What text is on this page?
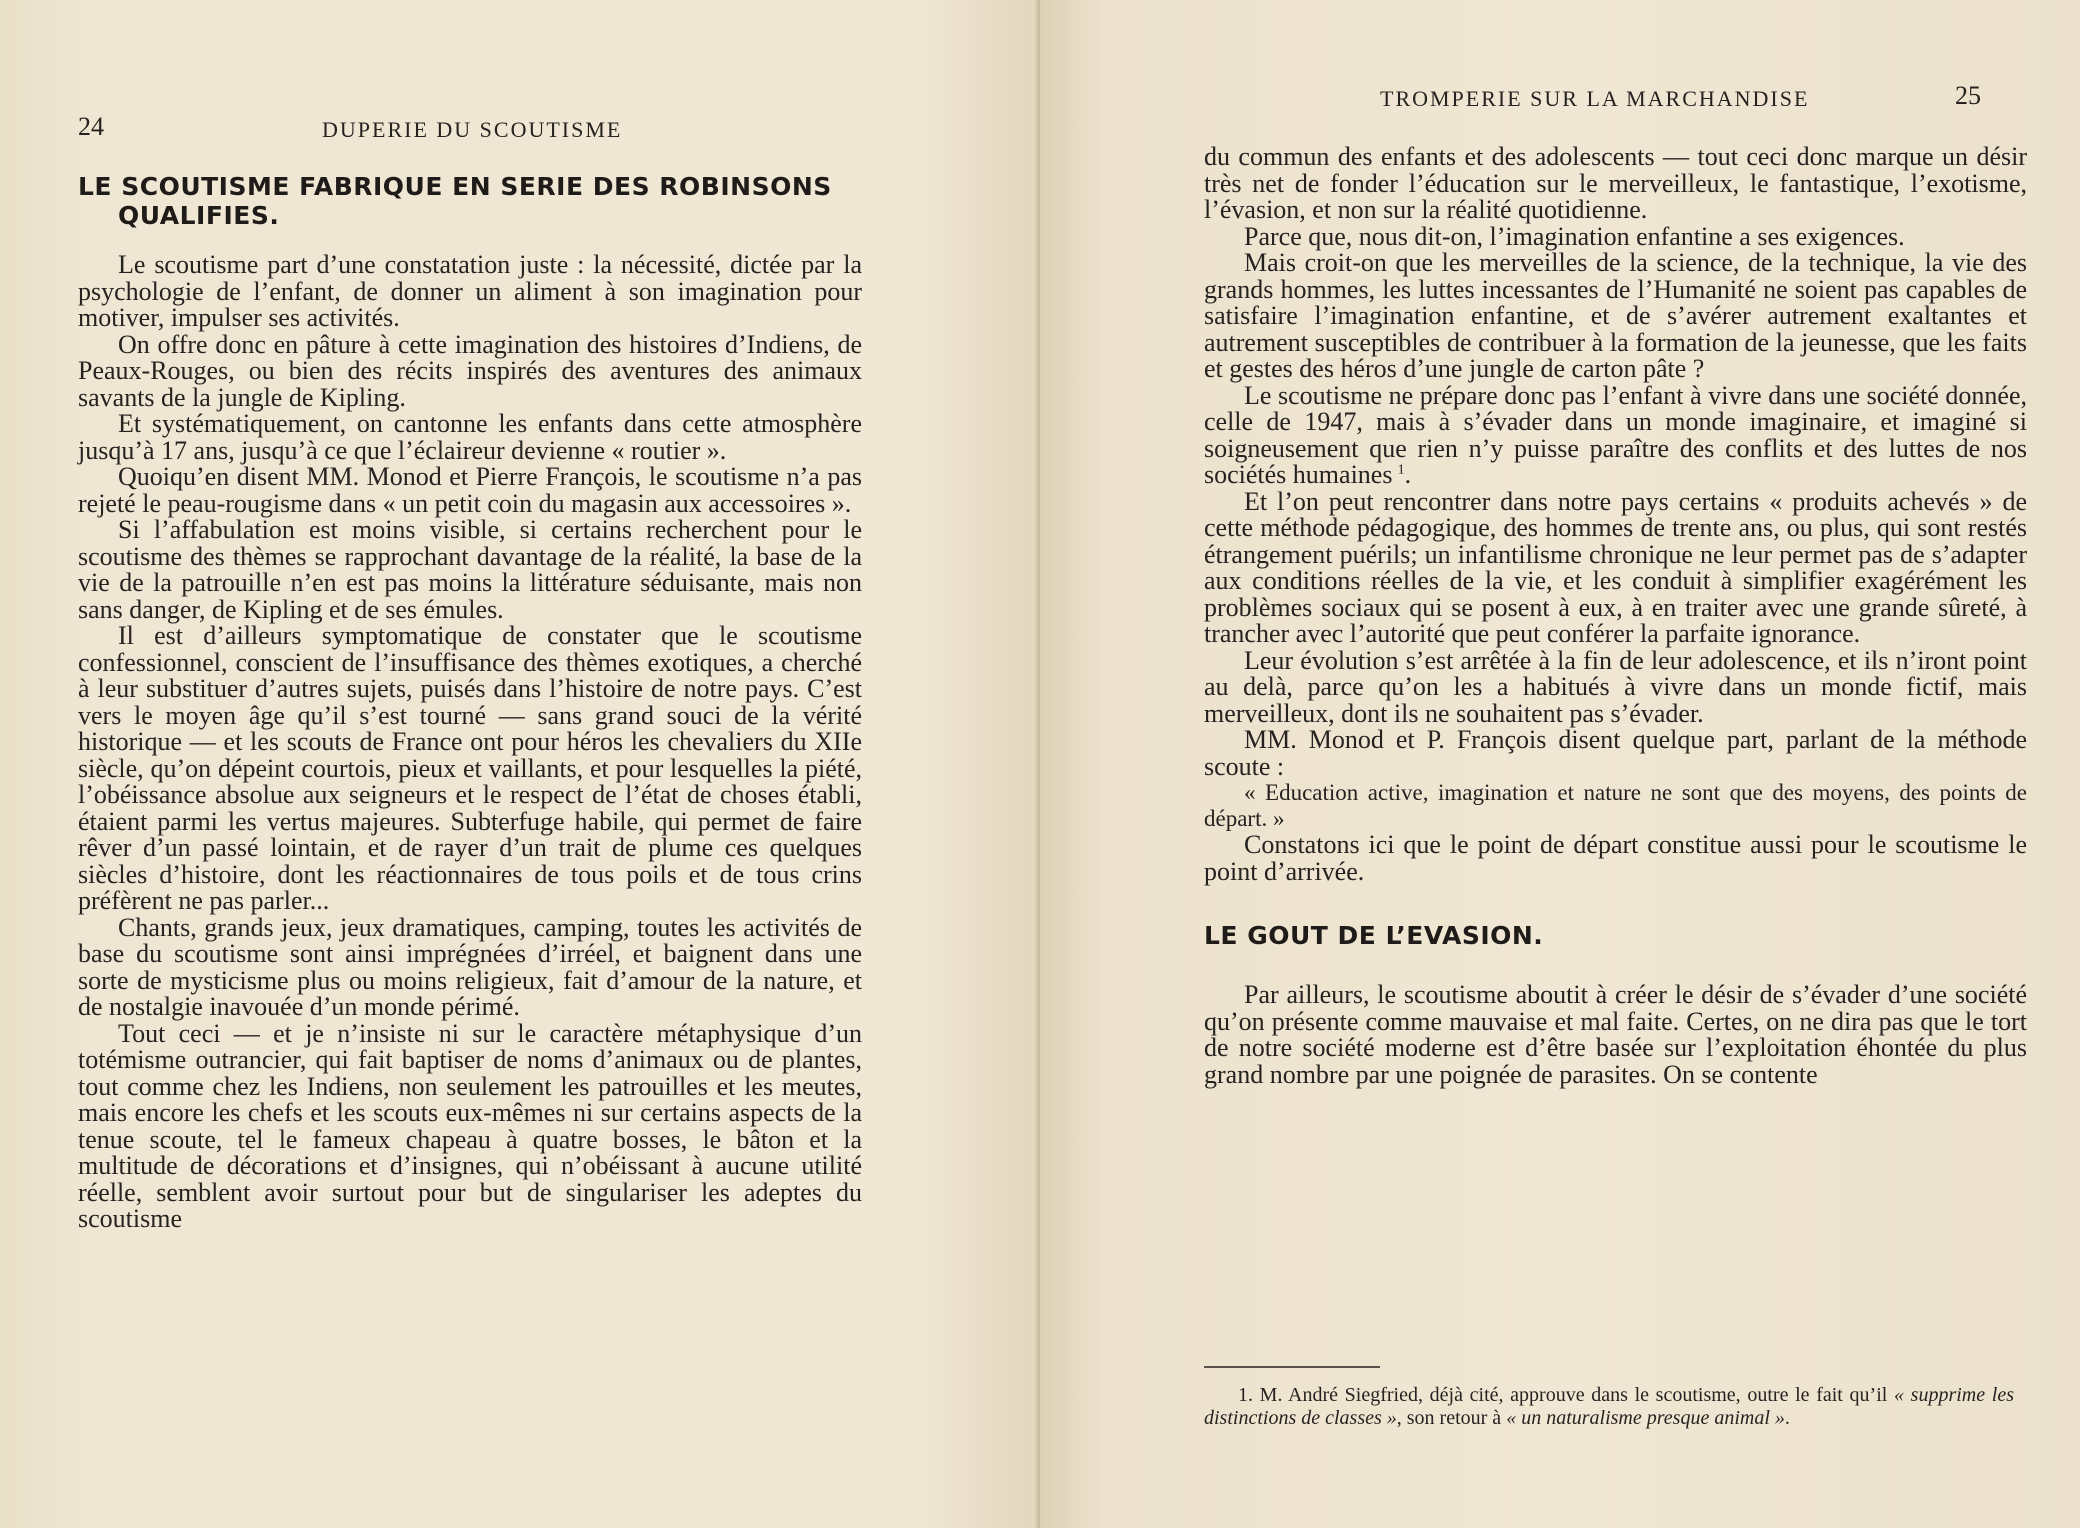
24	DUPERIE DU SCOUTISME
LE SCOUTISME FABRIQUE EN SERIE DES ROBINSONS QUALIFIES.

Le scoutisme part d’une constatation juste : la nécessité, dictée par la psychologie de l’enfant, de donner un aliment à son imagination pour motiver, impulser ses activités.

On offre donc en pâture à cette imagination des histoires d’Indiens, de Peaux-Rouges, ou bien des récits inspirés des aventures des animaux savants de la jungle de Kipling.

Et systématiquement, on cantonne les enfants dans cette atmosphère jusqu’à 17 ans, jusqu’à ce que l’éclaireur devienne « routier ».

Quoiqu’en disent MM. Monod et Pierre François, le scoutisme n’a pas rejeté le peau-rougisme dans « un petit coin du magasin aux accessoires ».

Si l’affabulation est moins visible, si certains recherchent pour le scoutisme des thèmes se rapprochant davantage de la réalité, la base de la vie de la patrouille n’en est pas moins la littérature séduisante, mais non sans danger, de Kipling et de ses émules.

Il est d’ailleurs symptomatique de constater que le scoutisme confessionnel, conscient de l’insuffisance des thèmes exotiques, a cherché à leur substituer d’autres sujets, puisés dans l’histoire de notre pays. C’est vers le moyen âge qu’il s’est tourné — sans grand souci de la vérité historique — et les scouts de France ont pour héros les chevaliers du XIIe siècle, qu’on dépeint courtois, pieux et vaillants, et pour lesquelles la piété, l’obéissance absolue aux seigneurs et le respect de l’état de choses établi, étaient parmi les vertus majeures. Subterfuge habile, qui permet de faire rêver d’un passé lointain, et de rayer d’un trait de plume ces quelques siècles d’histoire, dont les réactionnaires de tous poils et de tous crins préfèrent ne pas parler...

Chants, grands jeux, jeux dramatiques, camping, toutes les activités de base du scoutisme sont ainsi imprégnées d’irréel, et baignent dans une sorte de mysticisme plus ou moins religieux, fait d’amour de la nature, et de nostalgie inavouée d’un monde périmé.

Tout ceci — et je n’insiste ni sur le caractère métaphysique d’un totémisme outrancier, qui fait baptiser de noms d’animaux ou de plantes, tout comme chez les Indiens, non seulement les patrouilles et les meutes, mais encore les chefs et les scouts eux-mêmes ni sur certains aspects de la tenue scoute, tel le fameux chapeau à quatre bosses, le bâton et la multitude de décorations et d’insignes, qui n’obéissant à aucune utilité réelle, semblent avoir surtout pour but de singulariser les adeptes du scoutisme

TROMPERIE SUR LA MARCHANDISE	25

du commun des enfants et des adolescents — tout ceci donc marque un désir très net de fonder l’éducation sur le merveilleux, le fantastique, l’exotisme, l’évasion, et non sur la réalité quotidienne.

Parce que, nous dit-on, l’imagination enfantine a ses exigences.

Mais croit-on que les merveilles de la science, de la technique, la vie des grands hommes, les luttes incessantes de l’Humanité ne soient pas capables de satisfaire l’imagination enfantine, et de s’avérer autrement exaltantes et autrement susceptibles de contribuer à la formation de la jeunesse, que les faits et gestes des héros d’une jungle de carton pâte ?

Le scoutisme ne prépare donc pas l’enfant à vivre dans une société donnée, celle de 1947, mais à s’évader dans un monde imaginaire, et imaginé si soigneusement que rien n’y puisse paraître des conflits et des luttes de nos sociétés humaines  $^1$.

Et l’on peut rencontrer dans notre pays certains « produits achevés » de cette méthode pédagogique, des hommes de trente ans, ou plus, qui sont restés étrangement puérils; un infantilisme chronique ne leur permet pas de s’adapter aux conditions réelles de la vie, et les conduit à simplifier exagérément les problèmes sociaux qui se posent à eux, à en traiter avec une grande sûreté, à trancher avec l’autorité que peut conférer la parfaite ignorance.

Leur évolution s’est arrêtée à la fin de leur adolescence, et ils n’iront point au delà, parce qu’on les a habitués à vivre dans un monde fictif, mais merveilleux, dont ils ne souhaitent pas s’évader.

MM. Monod et P. François disent quelque part, parlant de la méthode scoute :

« Education active, imagination et nature ne sont que des moyens, des points de départ. »

Constatons ici que le point de départ constitue aussi pour le scoutisme le point d’arrivée.

LE GOUT DE L’EVASION.

Par ailleurs, le scoutisme aboutit à créer le désir de s’évader d’une société qu’on présente comme mauvaise et mal faite. Certes, on ne dira pas que le tort de notre société moderne est d’être basée sur l’exploitation éhontée du plus grand nombre par une poignée de parasites. On se contente

1. M. André Siegfried, déjà cité, approuve dans le scoutisme, outre le fait qu’il « supprime les distinctions de classes », son retour à « un naturalisme presque animal ».
